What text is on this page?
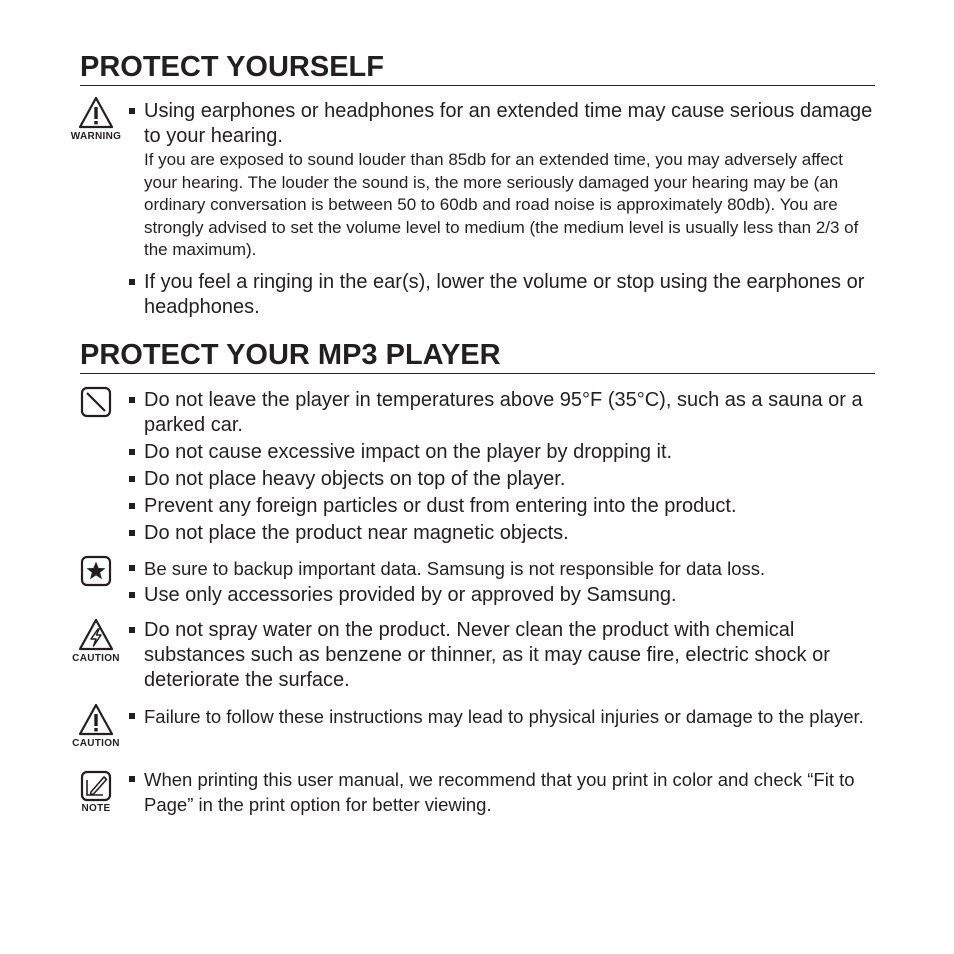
PROTECT YOURSELF
WARNING
Using earphones or headphones for an extended time may cause serious damage to your hearing.
If you are exposed to sound louder than 85db for an extended time, you may adversely affect your hearing. The louder the sound is, the more seriously damaged your hearing may be (an ordinary conversation is between 50 to 60db and road noise is approximately 80db). You are strongly advised to set the volume level to medium (the medium level is usually less than 2/3 of the maximum).
If you feel a ringing in the ear(s), lower the volume or stop using the earphones or headphones.
PROTECT YOUR MP3 PLAYER
Do not leave the player in temperatures above 95°F (35°C), such as a sauna or a parked car.
Do not cause excessive impact on the player by dropping it.
Do not place heavy objects on top of the player.
Prevent any foreign particles or dust from entering into the product.
Do not place the product near magnetic objects.
Be sure to backup important data. Samsung is not responsible for data loss.
Use only accessories provided by or approved by Samsung.
CAUTION
Do not spray water on the product. Never clean the product with chemical substances such as benzene or thinner, as it may cause fire, electric shock or deteriorate the surface.
CAUTION
Failure to follow these instructions may lead to physical injuries or damage to the player.
NOTE
When printing this user manual, we recommend that you print in color and check “Fit to Page” in the print option for better viewing.
